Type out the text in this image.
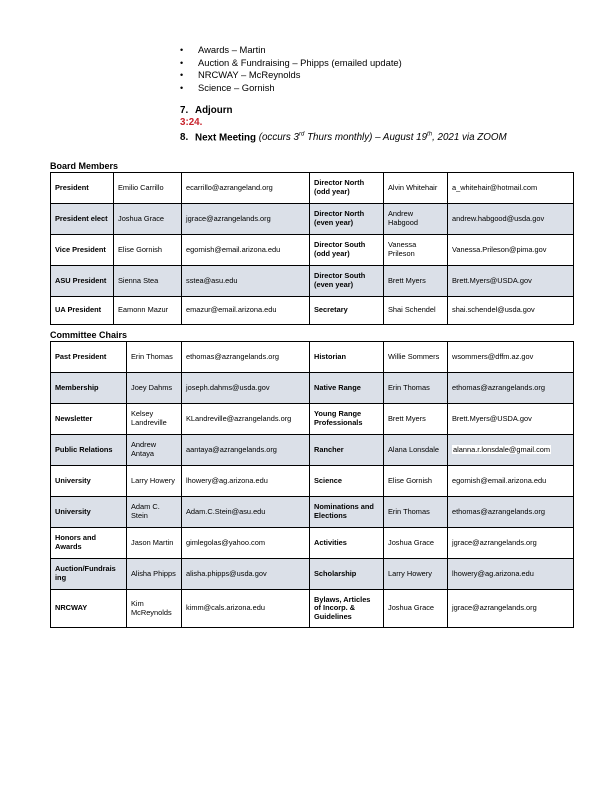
• Awards – Martin
• Auction & Fundraising – Phipps (emailed update)
• NRCWAY – McReynolds
• Science – Gornish
7. Adjourn
3:24.
8. Next Meeting (occurs 3rd Thurs monthly) – August 19th, 2021 via ZOOM
Board Members
President	Emilio Carrillo	ecarrillo@azrangeland.org	Director North (odd year)	Alvin Whitehair	a_whitehair@hotmail.com
President elect	Joshua Grace	jgrace@azrangelands.org	Director North (even year)	Andrew Habgood	andrew.habgood@usda.gov
Vice President	Elise Gornish	egornish@email.arizona.edu	Director South (odd year)	Vanessa Prileson	Vanessa.Prileson@pima.gov
ASU President	Sienna Stea	sstea@asu.edu	Director South (even year)	Brett Myers	Brett.Myers@USDA.gov
UA President	Eamonn Mazur	emazur@email.arizona.edu	Secretary	Shai Schendel	shai.schendel@usda.gov
Committee Chairs
Past President	Erin Thomas	ethomas@azrangelands.org	Historian	Willie Sommers	wsommers@dffm.az.gov
Membership	Joey Dahms	joseph.dahms@usda.gov	Native Range	Erin Thomas	ethomas@azrangelands.org
Newsletter	Kelsey Landreville	KLandreville@azrangelands.org	Young Range Professionals	Brett Myers	Brett.Myers@USDA.gov
Public Relations	Andrew Antaya	aantaya@azrangelands.org	Rancher	Alana Lonsdale	alanna.r.lonsdale@gmail.com
University	Larry Howery	lhowery@ag.arizona.edu	Science	Elise Gornish	egornish@email.arizona.edu
University	Adam C. Stein	Adam.C.Stein@asu.edu	Nominations and Elections	Erin Thomas	ethomas@azrangelands.org
Honors and Awards	Jason Martin	gimlegolas@yahoo.com	Activities	Joshua Grace	jgrace@azrangelands.org
Auction/Fundrais ing	Alisha Phipps	alisha.phipps@usda.gov	Scholarship	Larry Howery	lhowery@ag.arizona.edu
NRCWAY	Kim McReynolds	kimm@cals.arizona.edu	Bylaws, Articles of Incorp. & Guidelines	Joshua Grace	jgrace@azrangelands.org
